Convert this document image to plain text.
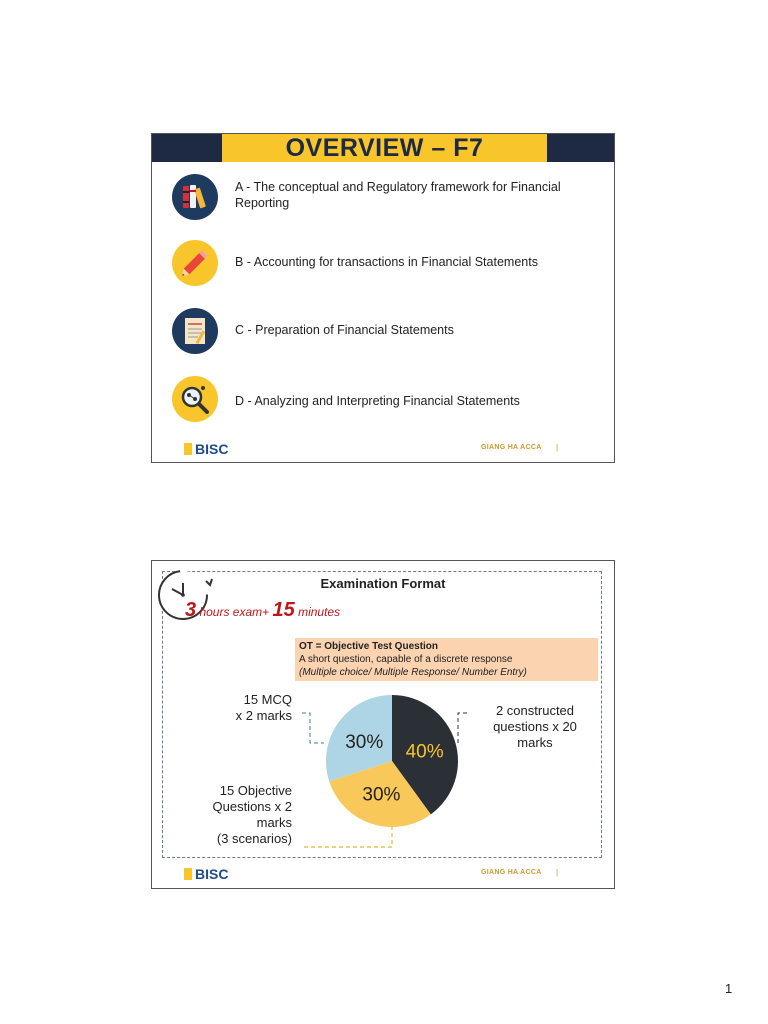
OVERVIEW – F7
A - The conceptual and Regulatory framework for Financial Reporting
B - Accounting for transactions in Financial Statements
C - Preparation of Financial Statements
D - Analyzing and Interpreting Financial Statements
BISC	GIANG HA ACCA |
Examination Format
3 hours exam+ 15 minutes
OT = Objective Test Question
A short question, capable of a discrete response
(Multiple choice/ Multiple Response/ Number Entry)
15 MCQ
x 2 marks	2 constructed
questions x 20
marks
15 Objective
Questions x 2
marks
(3 scenarios)
40%
30%
30%
BISC	GIANG HA ACCA |
1
